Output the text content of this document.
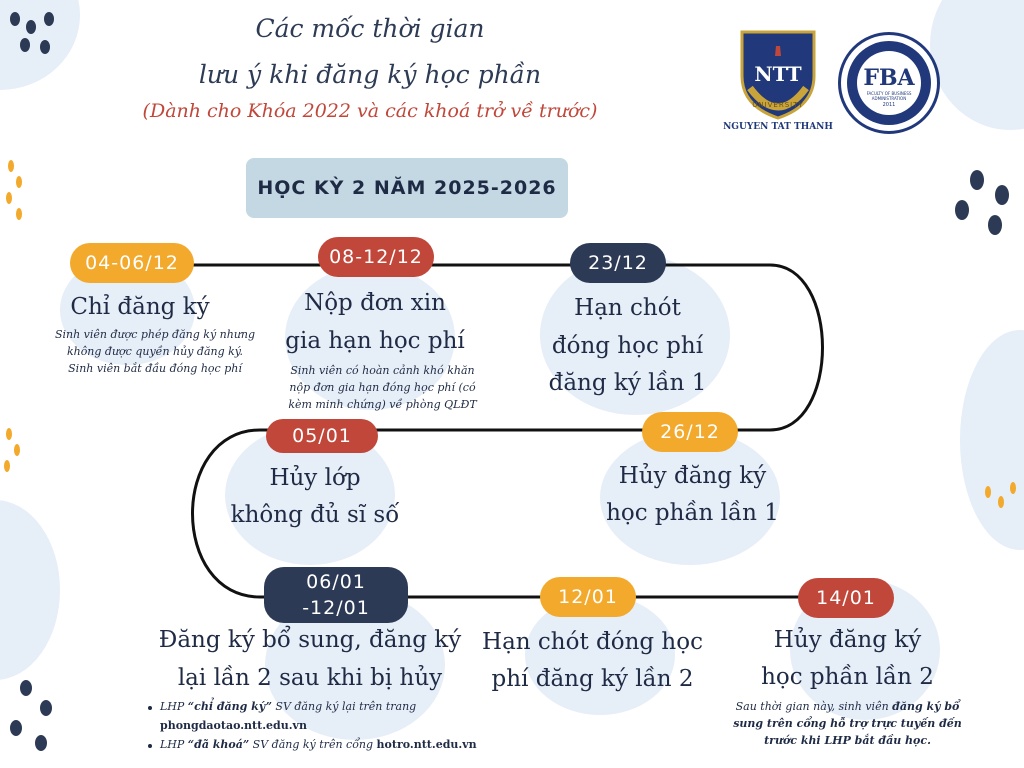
Các mốc thời gian
lưu ý khi đăng ký học phần
(Dành cho Khóa 2022 và các khoá trở về trước)
NTT
UNIVERSITY
NGUYEN TAT THANH
FBA
FACULTY OF BUSINESS
ADMINISTRATION
2011
HỌC KỲ 2 NĂM 2025-2026
04-06/12
Chỉ đăng ký
Sinh viên được phép đăng ký nhưng
không được quyền hủy đăng ký.
Sinh viên bắt đầu đóng học phí
08-12/12
Nộp đơn xin
gia hạn học phí
Sinh viên có hoàn cảnh khó khăn
nộp đơn gia hạn đóng học phí (có
kèm minh chứng) về phòng QLĐT
23/12
Hạn chót
đóng học phí
đăng ký lần 1
26/12
Hủy đăng ký
học phần lần 1
05/01
Hủy lớp
không đủ sĩ số
06/01
-12/01
Đăng ký bổ sung, đăng ký
lại lần 2 sau khi bị hủy
12/01
Hạn chót đóng học
phí đăng ký lần 2
14/01
Hủy đăng ký
học phần lần 2
Sau thời gian này, sinh viên đăng ký bổ
sung trên cổng hỗ trợ trực tuyến đến
trước khi LHP bắt đầu học.
LHP “chỉ đăng ký” SV đăng ký lại trên trang
phongdaotao.ntt.edu.vn
LHP “đã khoá” SV đăng ký trên cổng hotro.ntt.edu.vn
